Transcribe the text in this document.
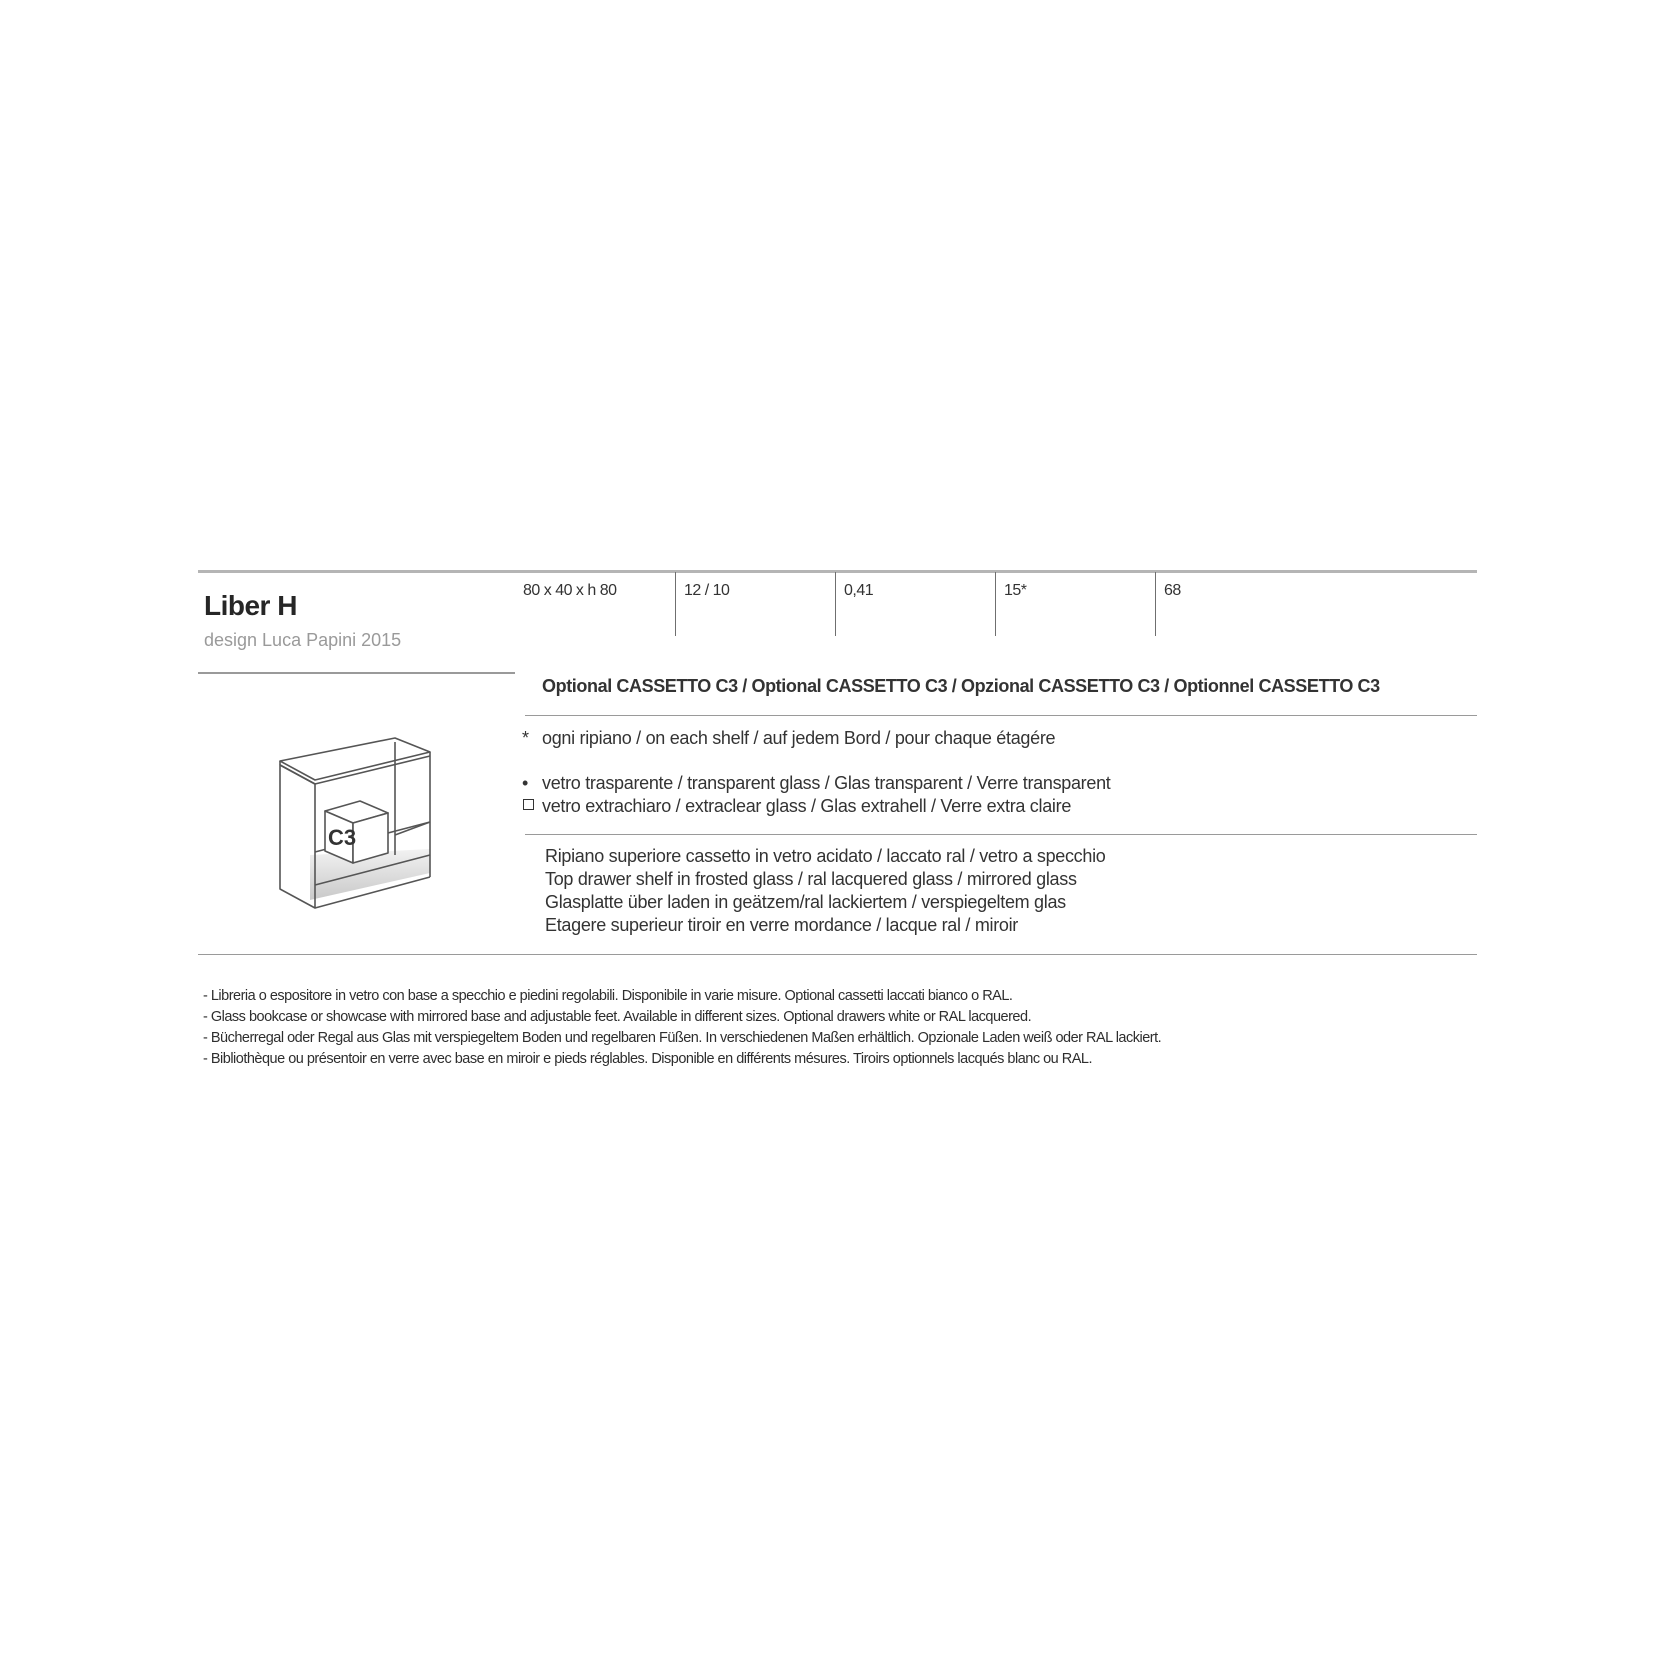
Liber H
design Luca Papini 2015
80 x 40 x h 80	12 / 10	0,41	15*	68
Optional CASSETTO C3 / Optional CASSETTO C3 / Opzional CASSETTO C3 / Optionnel CASSETTO C3
* ogni ripiano / on each shelf / auf jedem Bord / pour chaque étagére
• vetro trasparente / transparent glass / Glas transparent / Verre transparent
vetro extrachiaro / extraclear glass / Glas extrahell / Verre extra claire
Ripiano superiore cassetto in vetro acidato / laccato ral / vetro a specchio
Top drawer shelf in frosted glass / ral lacquered glass / mirrored glass
Glasplatte über laden in geätzem/ral lackiertem / verspiegeltem glas
Etagere superieur tiroir en verre mordance / lacque ral / miroir
C3
- Libreria o espositore in vetro con base a specchio e piedini regolabili. Disponibile in varie misure. Optional cassetti laccati bianco o RAL.
- Glass bookcase or showcase with mirrored base and adjustable feet. Available in different sizes. Optional drawers white or RAL lacquered.
- Bücherregal oder Regal aus Glas mit verspiegeltem Boden und regelbaren Füßen. In verschiedenen Maßen erhältlich. Opzionale Laden weiß oder RAL lackiert.
- Bibliothèque ou présentoir en verre avec base en miroir e pieds réglables. Disponible en différents mésures. Tiroirs optionnels lacqués blanc ou RAL.
